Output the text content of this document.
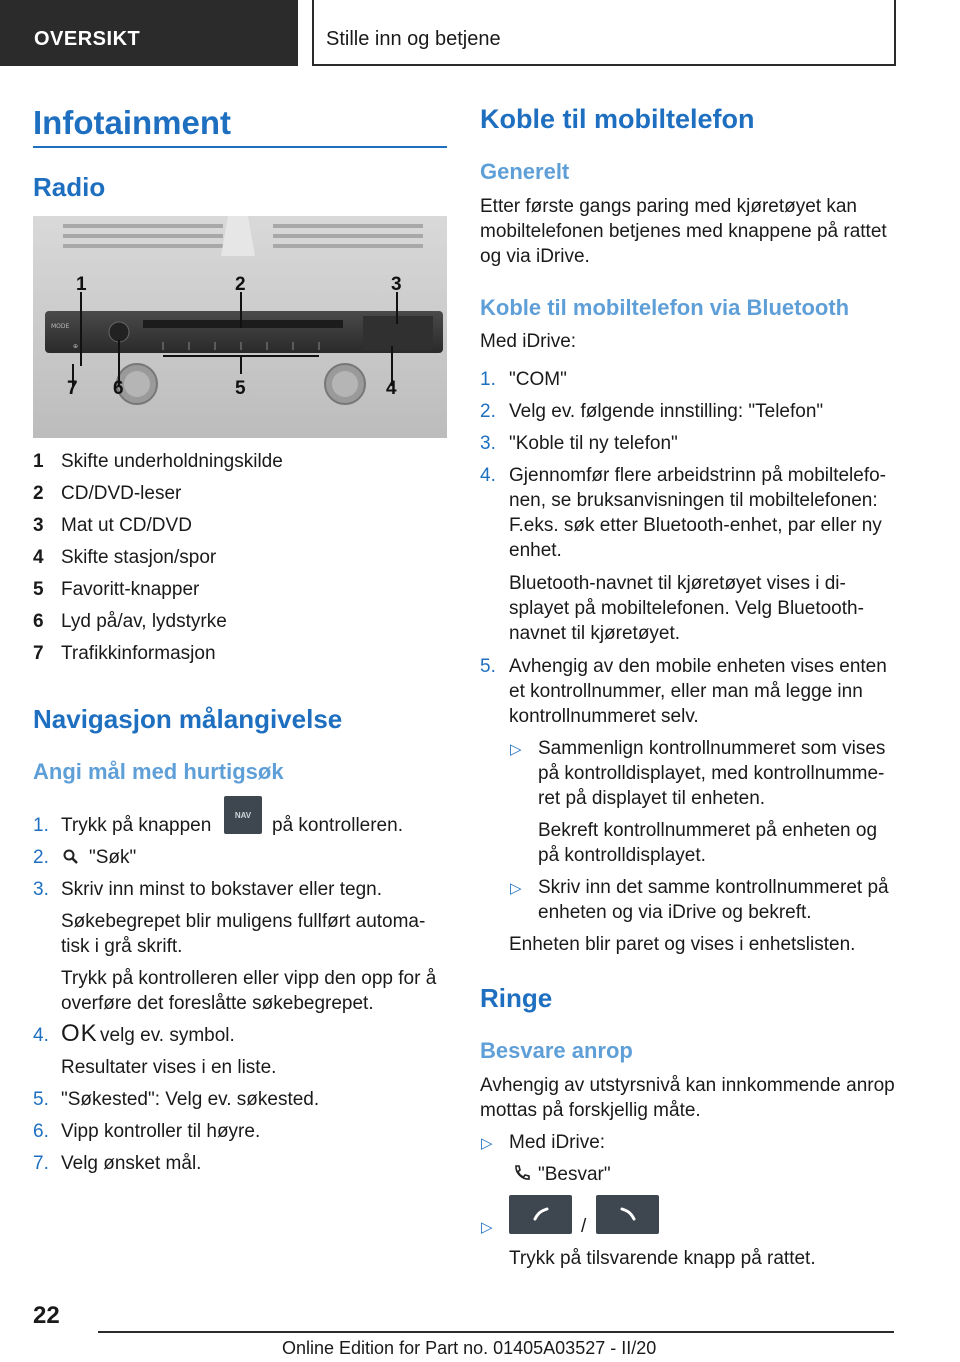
OVERSIKT	Stille inn og betjene
Infotainment
Radio
MODE
⊕
1	2	3
7 6	5	4
1 Skifte underholdningskilde
2 CD/DVD-leser
3 Mat ut CD/DVD
4 Skifte stasjon/spor
5 Favoritt-knapper
6 Lyd på/av, lydstyrke
7 Trafikkinformasjon
Navigasjon målangivelse
Angi mål med hurtigsøk
1. Trykk på knappen	NAV på kontrolleren.
2. "Søk"
3. Skriv inn minst to bokstaver eller tegn.
Søkebegrepet blir muligens fullført automa-
tisk i grå skrift.
Trykk på kontrolleren eller vipp den opp for å
overføre det foreslåtte søkebegrepet.
4. OK velg ev. symbol.
Resultater vises i en liste.
5. "Søkested": Velg ev. søkested.
6. Vipp kontroller til høyre.
7. Velg ønsket mål.
Koble til mobiltelefon
Generelt
Etter første gangs paring med kjøretøyet kan
mobiltelefonen betjenes med knappene på rattet
og via iDrive.
Koble til mobiltelefon via Bluetooth
Med iDrive:
1. "COM"
2. Velg ev. følgende innstilling: "Telefon"
3. "Koble til ny telefon"
4. Gjennomfør flere arbeidstrinn på mobiltelefo-
nen, se bruksanvisningen til mobiltelefonen:
F.eks. søk etter Bluetooth-enhet, par eller ny
enhet.
Bluetooth-navnet til kjøretøyet vises i di-
splayet på mobiltelefonen. Velg Bluetooth-
navnet til kjøretøyet.
5. Avhengig av den mobile enheten vises enten
et kontrollnummer, eller man må legge inn
kontrollnummeret selv.
▷ Sammenlign kontrollnummeret som vises
på kontrolldisplayet, med kontrollnumme-
ret på displayet til enheten.
Bekreft kontrollnummeret på enheten og
på kontrolldisplayet.
▷ Skriv inn det samme kontrollnummeret på
enheten og via iDrive og bekreft.
Enheten blir paret og vises i enhetslisten.
Ringe
Besvare anrop
Avhengig av utstyrsnivå kan innkommende anrop
mottas på forskjellig måte.
▷ Med iDrive:
"Besvar"
▷	/
Trykk på tilsvarende knapp på rattet.
22
Online Edition for Part no. 01405A03527 - II/20
